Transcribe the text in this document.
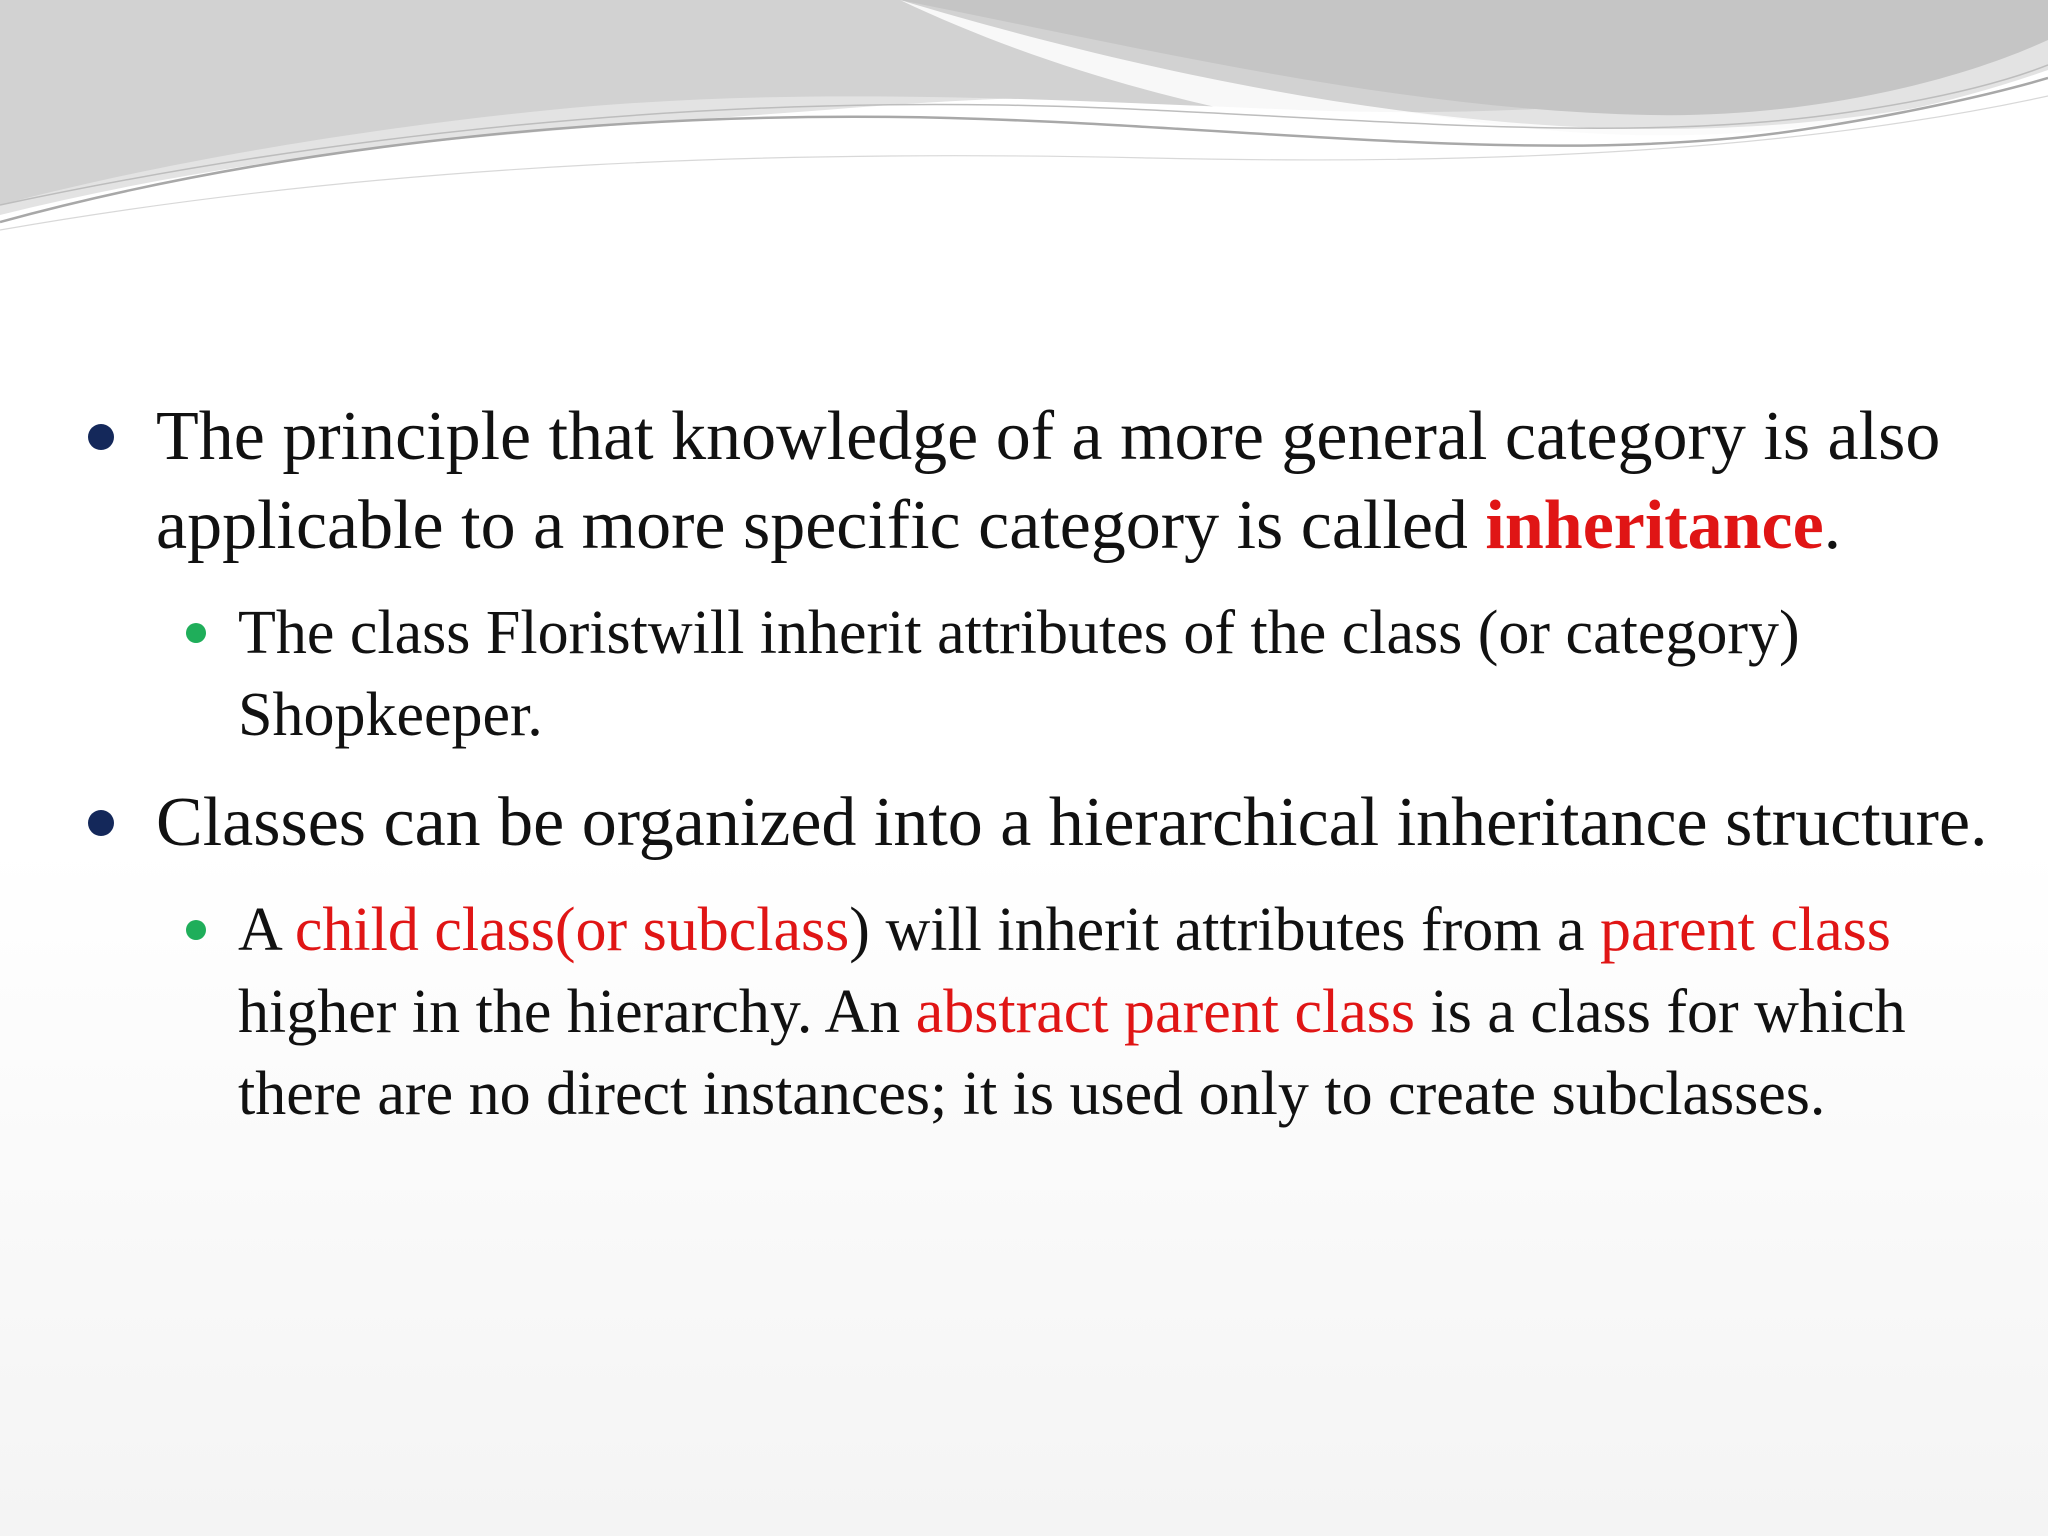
The principle that knowledge of a more general category is also applicable to a more specific category is called inheritance.
The class Floristwill inherit attributes of the class (or category) Shopkeeper.
Classes can be organized into a hierarchical inheritance structure.
A child class(or subclass) will inherit attributes from a parent class higher in the hierarchy. An abstract parent class is a class for which there are no direct instances; it is used only to create subclasses.
